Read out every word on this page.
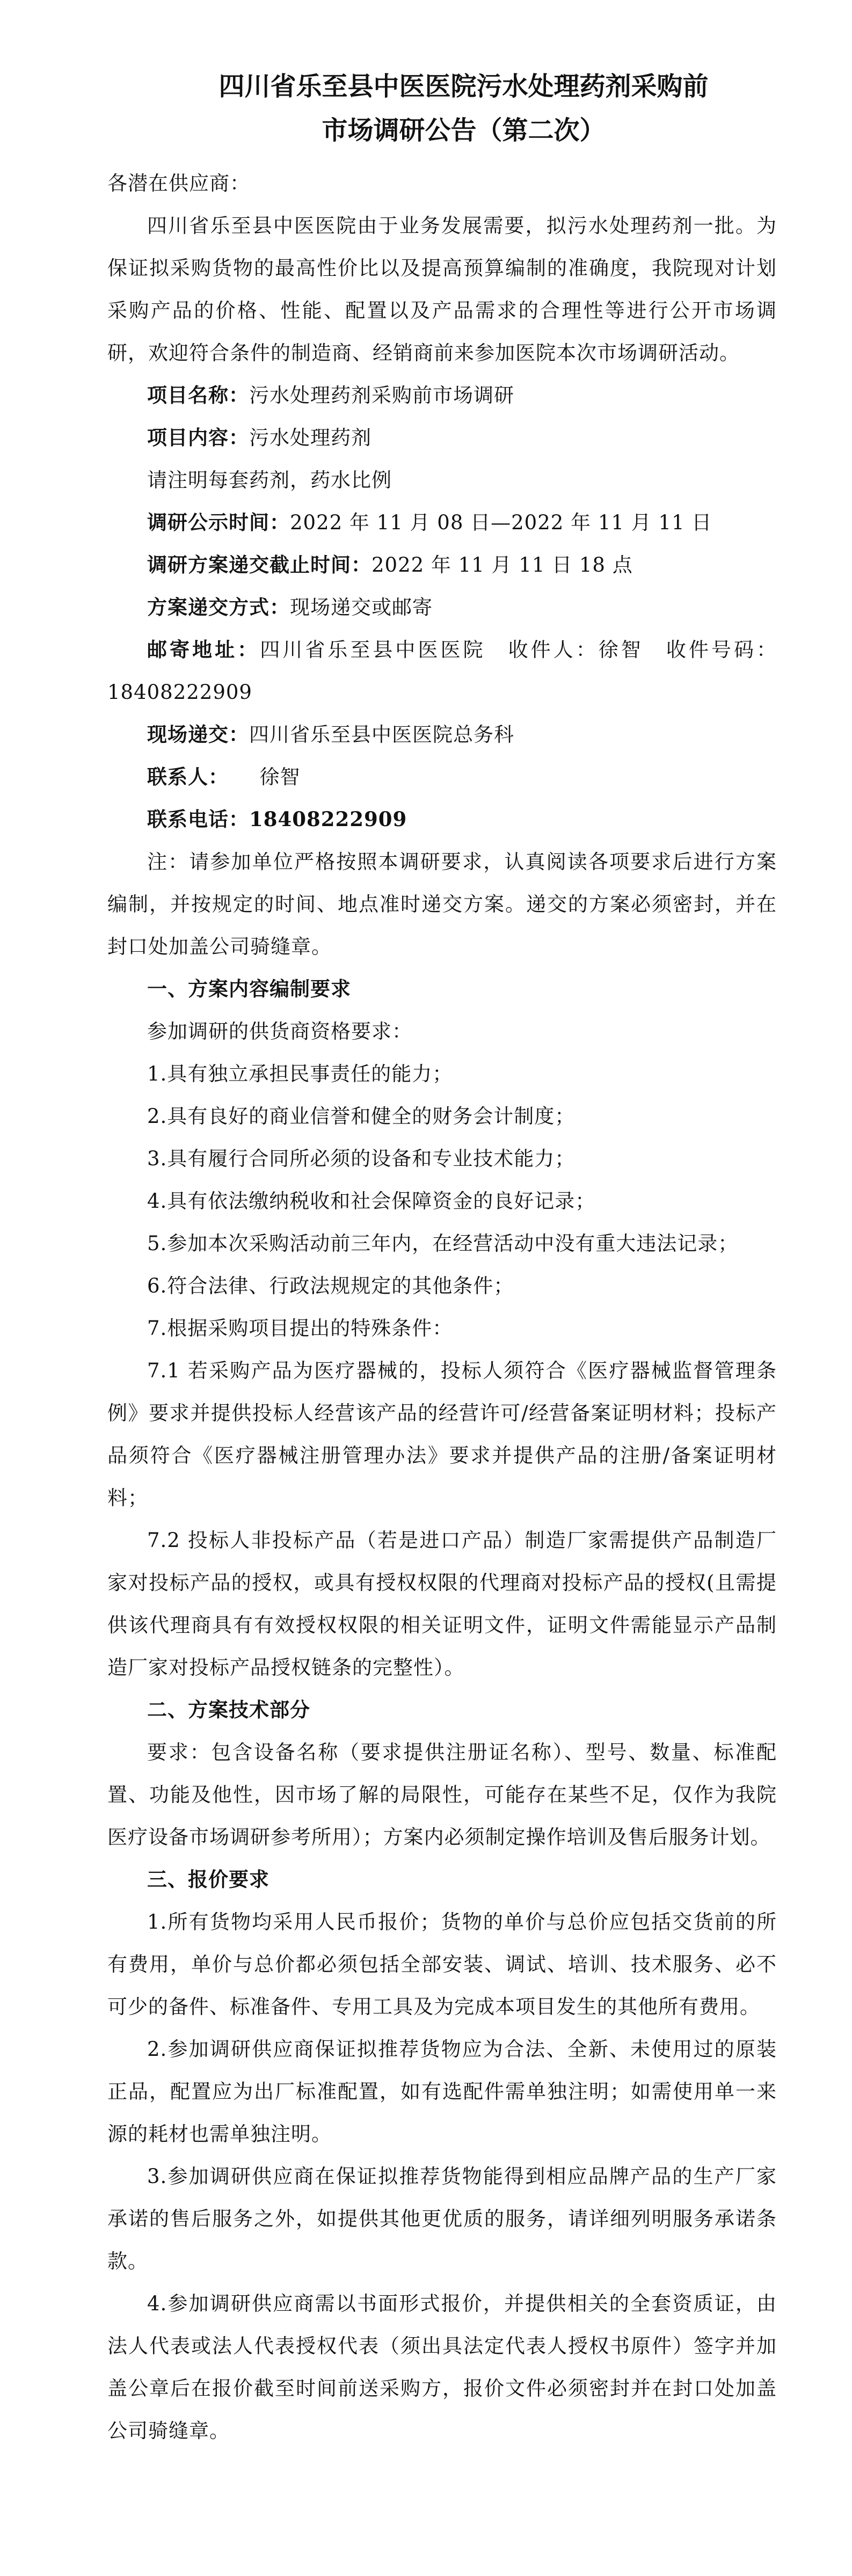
四川省乐至县中医医院污水处理药剂采购前
市场调研公告（第二次）

各潜在供应商：

四川省乐至县中医医院由于业务发展需要，拟污水处理药剂一批。为保证拟采购货物的最高性价比以及提高预算编制的准确度，我院现对计划采购产品的价格、性能、配置以及产品需求的合理性等进行公开市场调研，欢迎符合条件的制造商、经销商前来参加医院本次市场调研活动。

项目名称：污水处理药剂采购前市场调研

项目内容：污水处理药剂

请注明每套药剂，药水比例

调研公示时间：2022 年 11 月 08 日—2022 年 11 月 11 日

调研方案递交截止时间：2022 年 11 月 11 日 18 点

方案递交方式：现场递交或邮寄

邮寄地址：四川省乐至县中医医院　收件人：徐智　收件号码：18408222909

现场递交：四川省乐至县中医医院总务科

联系人：　　 徐智

联系电话：18408222909

注：请参加单位严格按照本调研要求，认真阅读各项要求后进行方案编制，并按规定的时间、地点准时递交方案。递交的方案必须密封，并在封口处加盖公司骑缝章。

一、方案内容编制要求

参加调研的供货商资格要求：

1.具有独立承担民事责任的能力；

2.具有良好的商业信誉和健全的财务会计制度；

3.具有履行合同所必须的设备和专业技术能力；

4.具有依法缴纳税收和社会保障资金的良好记录；

5.参加本次采购活动前三年内，在经营活动中没有重大违法记录；

6.符合法律、行政法规规定的其他条件；

7.根据采购项目提出的特殊条件：

7.1 若采购产品为医疗器械的，投标人须符合《医疗器械监督管理条例》要求并提供投标人经营该产品的经营许可/经营备案证明材料；投标产品须符合《医疗器械注册管理办法》要求并提供产品的注册/备案证明材料；

7.2 投标人非投标产品（若是进口产品）制造厂家需提供产品制造厂家对投标产品的授权，或具有授权权限的代理商对投标产品的授权(且需提供该代理商具有有效授权权限的相关证明文件，证明文件需能显示产品制造厂家对投标产品授权链条的完整性）。

二、方案技术部分

要求：包含设备名称（要求提供注册证名称）、型号、数量、标准配置、功能及他性，因市场了解的局限性，可能存在某些不足，仅作为我院医疗设备市场调研参考所用）；方案内必须制定操作培训及售后服务计划。

三、报价要求

1.所有货物均采用人民币报价；货物的单价与总价应包括交货前的所有费用，单价与总价都必须包括全部安装、调试、培训、技术服务、必不可少的备件、标准备件、专用工具及为完成本项目发生的其他所有费用。

2.参加调研供应商保证拟推荐货物应为合法、全新、未使用过的原装正品，配置应为出厂标准配置，如有选配件需单独注明；如需使用单一来源的耗材也需单独注明。

3.参加调研供应商在保证拟推荐货物能得到相应品牌产品的生产厂家承诺的售后服务之外，如提供其他更优质的服务，请详细列明服务承诺条款。

4.参加调研供应商需以书面形式报价，并提供相关的全套资质证，由法人代表或法人代表授权代表（须出具法定代表人授权书原件）签字并加盖公章后在报价截至时间前送采购方，报价文件必须密封并在封口处加盖公司骑缝章。
